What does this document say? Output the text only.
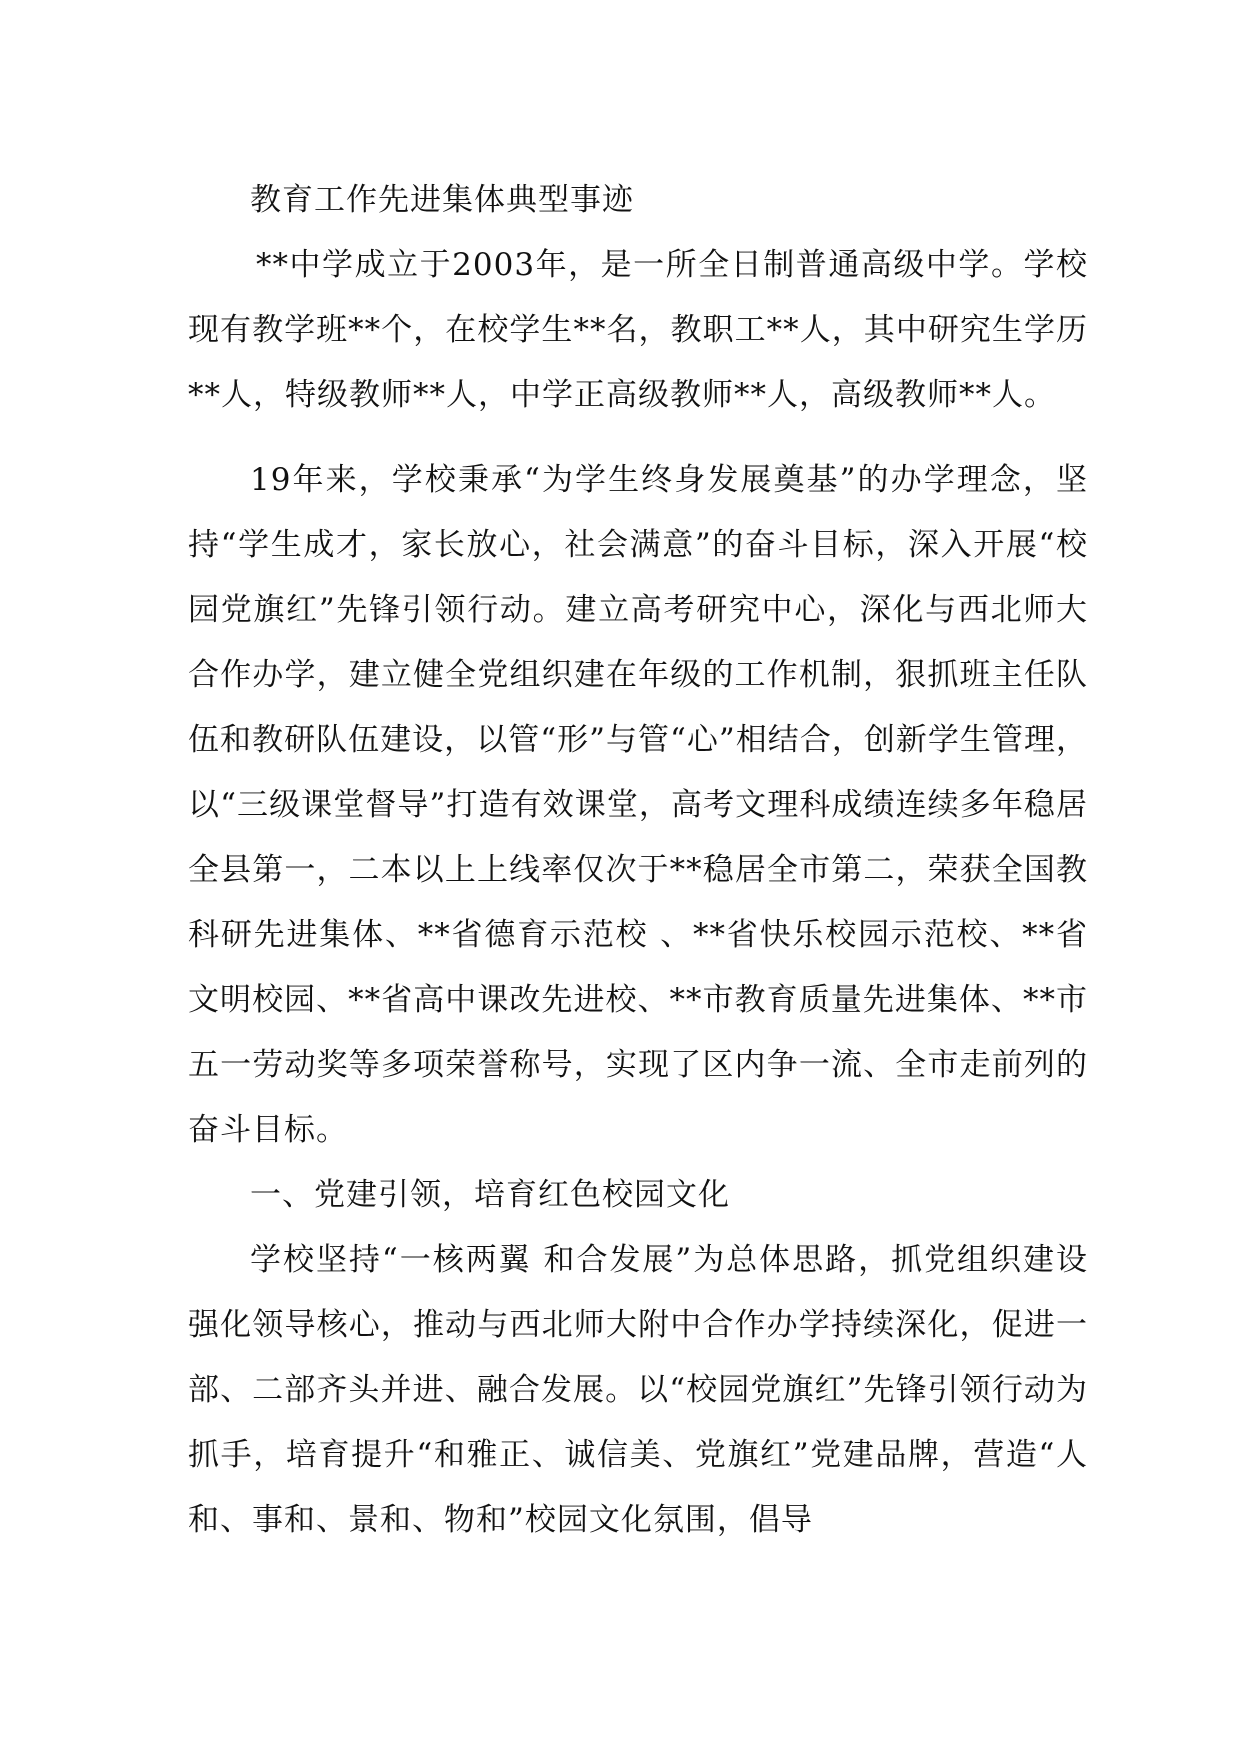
教育工作先进集体典型事迹

**中学成立于2003年，是一所全日制普通高级中学。学校现有教学班**个，在校学生**名，教职工**人，其中研究生学历**人，特级教师**人，中学正高级教师**人，高级教师**人。

19年来，学校秉承“为学生终身发展奠基”的办学理念，坚持“学生成才，家长放心，社会满意”的奋斗目标，深入开展“校园党旗红”先锋引领行动。建立高考研究中心，深化与西北师大合作办学，建立健全党组织建在年级的工作机制，狠抓班主任队伍和教研队伍建设，以管“形”与管“心”相结合，创新学生管理，以“三级课堂督导”打造有效课堂，高考文理科成绩连续多年稳居全县第一，二本以上上线率仅次于**稳居全市第二，荣获全国教科研先进集体、**省德育示范校 、**省快乐校园示范校、**省文明校园、**省高中课改先进校、**市教育质量先进集体、**市五一劳动奖等多项荣誉称号，实现了区内争一流、全市走前列的奋斗目标。

一、党建引领，培育红色校园文化

学校坚持“一核两翼 和合发展”为总体思路，抓党组织建设强化领导核心，推动与西北师大附中合作办学持续深化，促进一部、二部齐头并进、融合发展。以“校园党旗红”先锋引领行动为抓手，培育提升“和雅正、诚信美、党旗红”党建品牌，营造“人和、事和、景和、物和”校园文化氛围，倡导
